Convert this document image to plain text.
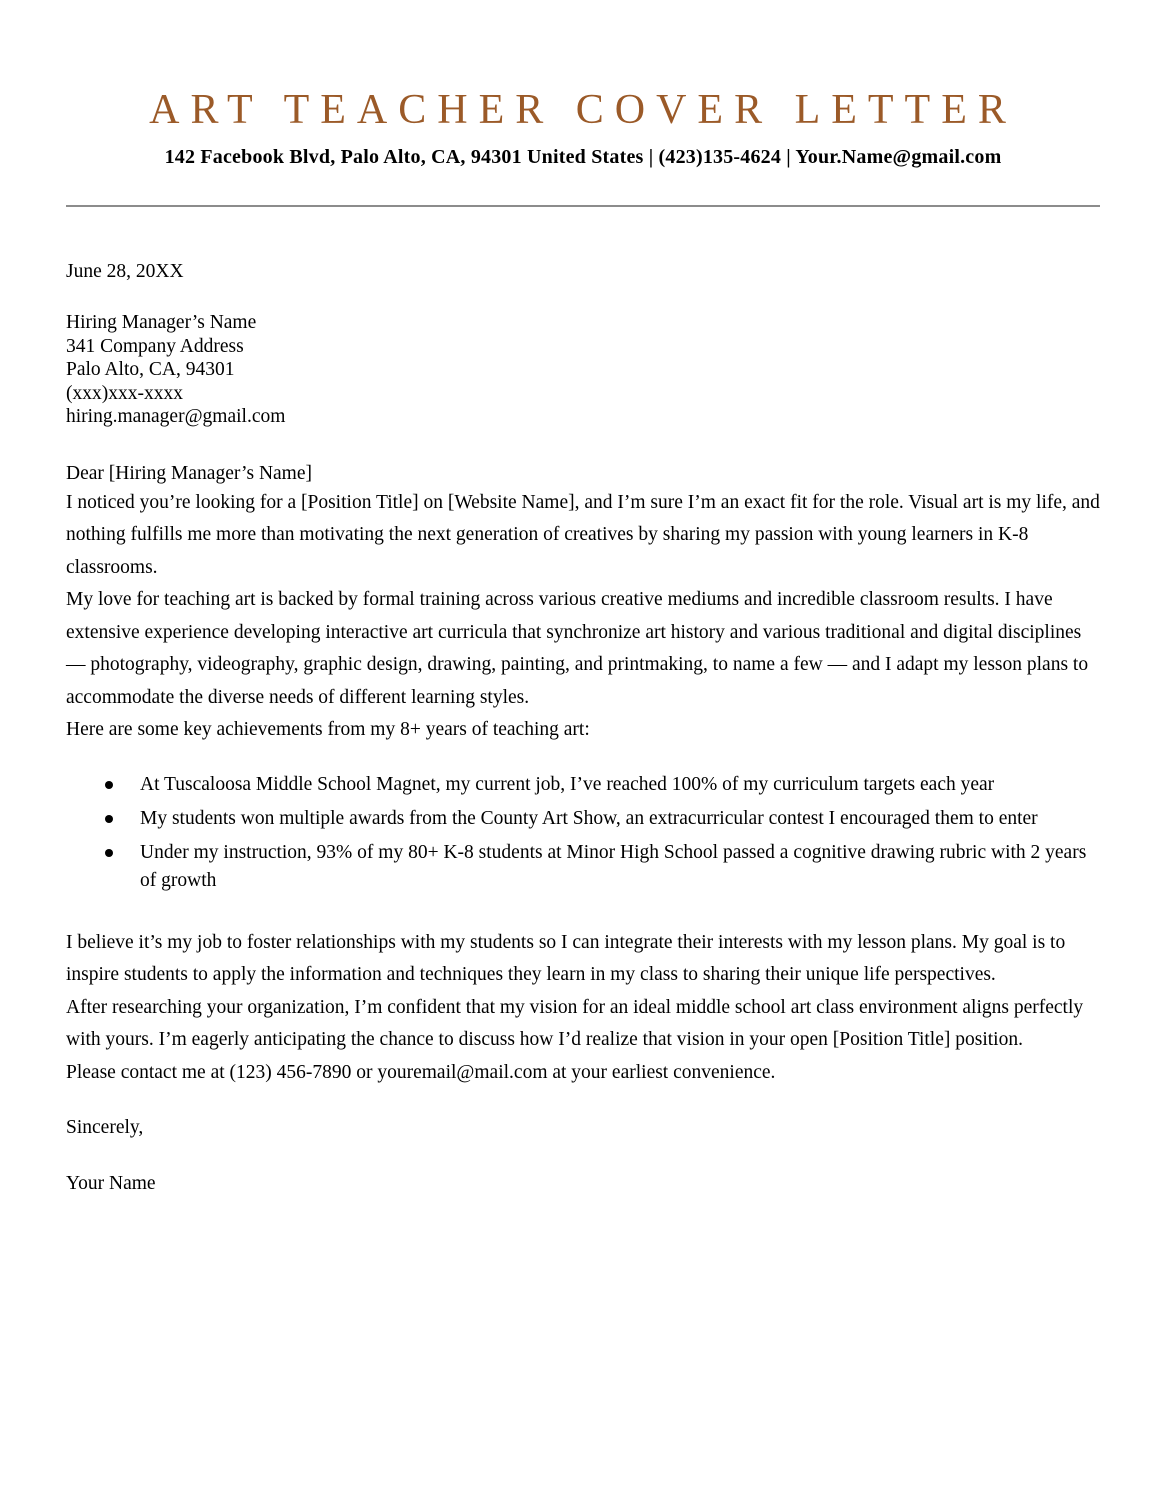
ART TEACHER COVER LETTER
142 Facebook Blvd, Palo Alto, CA, 94301 United States | (423)135-4624 | Your.Name@gmail.com
June 28, 20XX
Hiring Manager’s Name
341 Company Address
Palo Alto, CA, 94301
(xxx)xxx-xxxx
hiring.manager@gmail.com
Dear [Hiring Manager’s Name]

I noticed you’re looking for a [Position Title] on [Website Name], and I’m sure I’m an exact fit for the role. Visual art is my life, and nothing fulfills me more than motivating the next generation of creatives by sharing my passion with young learners in K-8 classrooms.

My love for teaching art is backed by formal training across various creative mediums and incredible classroom results. I have extensive experience developing interactive art curricula that synchronize art history and various traditional and digital disciplines — photography, videography, graphic design, drawing, painting, and printmaking, to name a few — and I adapt my lesson plans to accommodate the diverse needs of different learning styles.

Here are some key achievements from my 8+ years of teaching art:

At Tuscaloosa Middle School Magnet, my current job, I’ve reached 100% of my curriculum targets each year
My students won multiple awards from the County Art Show, an extracurricular contest I encouraged them to enter
Under my instruction, 93% of my 80+ K-8 students at Minor High School passed a cognitive drawing rubric with 2 years of growth

I believe it’s my job to foster relationships with my students so I can integrate their interests with my lesson plans. My goal is to inspire students to apply the information and techniques they learn in my class to sharing their unique life perspectives.

After researching your organization, I’m confident that my vision for an ideal middle school art class environment aligns perfectly with yours. I’m eagerly anticipating the chance to discuss how I’d realize that vision in your open [Position Title] position.

Please contact me at (123) 456-7890 or youremail@mail.com at your earliest convenience.

Sincerely,
Your Name
